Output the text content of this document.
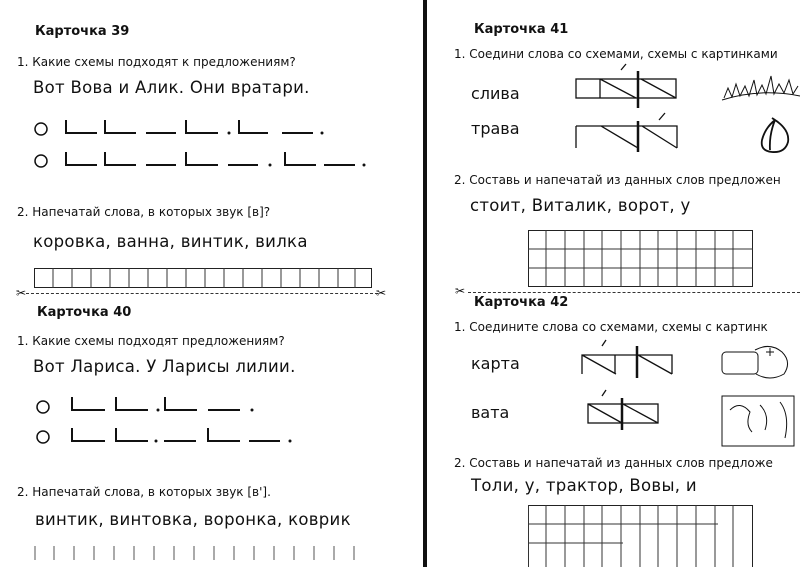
Карточка 39
1. Какие схемы подходят к предложениям?
Вот Вова и Алик. Они вратари.
2. Напечатай слова, в которых звук [в]?
коровка, ванна, винтик, вилка
✂	✂
Карточка 40
1. Какие схемы подходят предложениям?
Вот Лариса. У Ларисы лилии.
2. Напечатай слова, в которых звук [в'].
винтик, винтовка, воронка, коврик
Карточка 41
1. Соедини слова со схемами, схемы с картинками
слива
трава
2. Составь и напечатай из данных слов предложен
стоит, Виталик, ворот, у
✂
Карточка 42
1. Соедините слова со схемами, схемы с картинк
карта
вата
2. Составь и напечатай из данных слов предложе
Толи, у, трактор, Вовы, и
